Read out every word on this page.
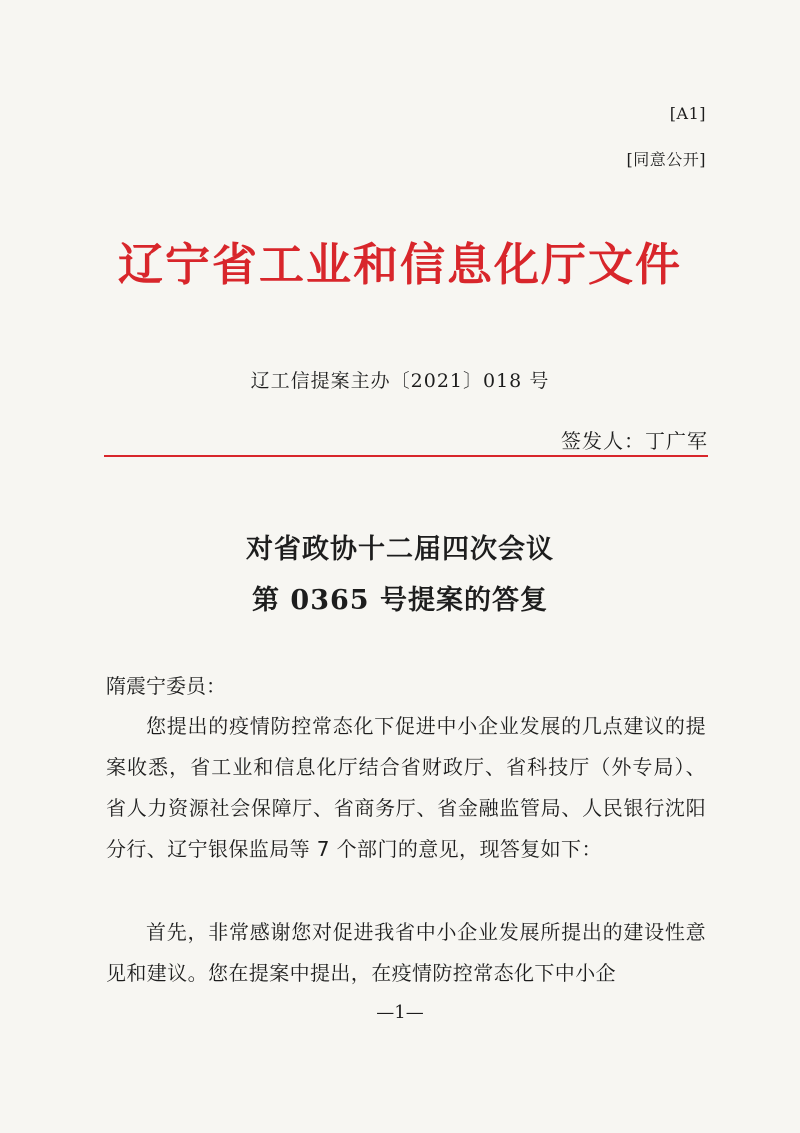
[A1]
[同意公开]
辽宁省工业和信息化厅文件
辽工信提案主办〔2021〕018 号
签发人：丁广军
对省政协十二届四次会议
第 0365 号提案的答复
隋震宁委员：
您提出的疫情防控常态化下促进中小企业发展的几点建议的提案收悉，省工业和信息化厅结合省财政厅、省科技厅（外专局）、省人力资源社会保障厅、省商务厅、省金融监管局、人民银行沈阳分行、辽宁银保监局等 7 个部门的意见，现答复如下：
首先，非常感谢您对促进我省中小企业发展所提出的建设性意见和建议。您在提案中提出，在疫情防控常态化下中小企
—1—
